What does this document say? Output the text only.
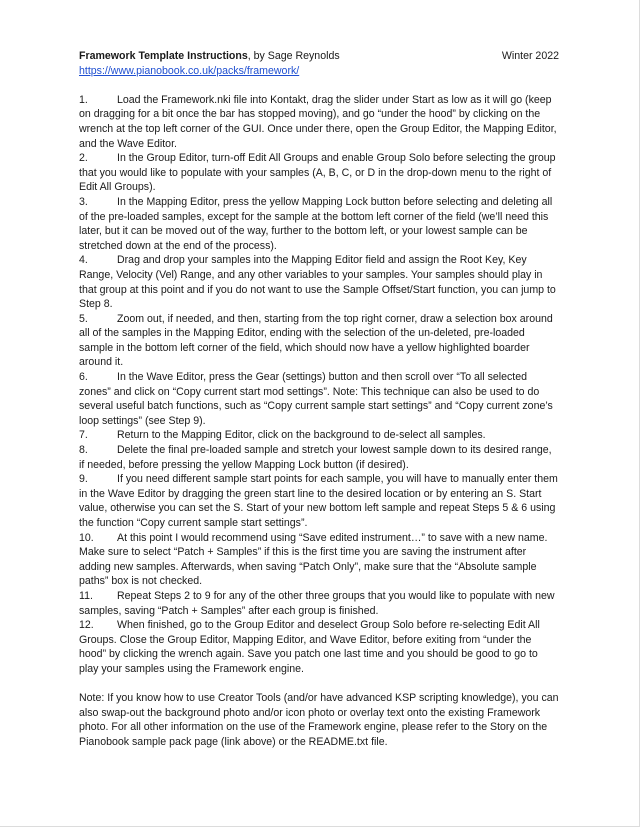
Framework Template Instructions, by Sage Reynolds	Winter 2022
https://www.pianobook.co.uk/packs/framework/
1.	Load the Framework.nki file into Kontakt, drag the slider under Start as low as it will go (keep on dragging for a bit once the bar has stopped moving), and go “under the hood” by clicking on the wrench at the top left corner of the GUI. Once under there, open the Group Editor, the Mapping Editor, and the Wave Editor.
2.	In the Group Editor, turn-off Edit All Groups and enable Group Solo before selecting the group that you would like to populate with your samples (A, B, C, or D in the drop-down menu to the right of Edit All Groups).
3.	In the Mapping Editor, press the yellow Mapping Lock button before selecting and deleting all of the pre-loaded samples, except for the sample at the bottom left corner of the field (we’ll need this later, but it can be moved out of the way, further to the bottom left, or your lowest sample can be stretched down at the end of the process).
4.	Drag and drop your samples into the Mapping Editor field and assign the Root Key, Key Range, Velocity (Vel) Range, and any other variables to your samples. Your samples should play in that group at this point and if you do not want to use the Sample Offset/Start function, you can jump to Step 8.
5.	Zoom out, if needed, and then, starting from the top right corner, draw a selection box around all of the samples in the Mapping Editor, ending with the selection of the un-deleted, pre-loaded sample in the bottom left corner of the field, which should now have a yellow highlighted boarder around it.
6.	In the Wave Editor, press the Gear (settings) button and then scroll over “To all selected zones” and click on “Copy current start mod settings”. Note: This technique can also be used to do several useful batch functions, such as “Copy current sample start settings” and “Copy current zone’s loop settings” (see Step 9).
7.	Return to the Mapping Editor, click on the background to de-select all samples.
8.	Delete the final pre-loaded sample and stretch your lowest sample down to its desired range, if needed, before pressing the yellow Mapping Lock button (if desired).
9.	If you need different sample start points for each sample, you will have to manually enter them in the Wave Editor by dragging the green start line to the desired location or by entering an S. Start value, otherwise you can set the S. Start of your new bottom left sample and repeat Steps 5 & 6 using the function “Copy current sample start settings”.
10. At this point I would recommend using “Save edited instrument…” to save with a new name. Make sure to select “Patch + Samples” if this is the first time you are saving the instrument after adding new samples. Afterwards, when saving “Patch Only”, make sure that the “Absolute sample paths” box is not checked.
11. Repeat Steps 2 to 9 for any of the other three groups that you would like to populate with new samples, saving “Patch + Samples” after each group is finished.
12. When finished, go to the Group Editor and deselect Group Solo before re-selecting Edit All Groups. Close the Group Editor, Mapping Editor, and Wave Editor, before exiting from “under the hood” by clicking the wrench again. Save you patch one last time and you should be good to go to play your samples using the Framework engine.

Note: If you know how to use Creator Tools (and/or have advanced KSP scripting knowledge), you can also swap-out the background photo and/or icon photo or overlay text onto the existing Framework photo. For all other information on the use of the Framework engine, please refer to the Story on the Pianobook sample pack page (link above) or the README.txt file.
